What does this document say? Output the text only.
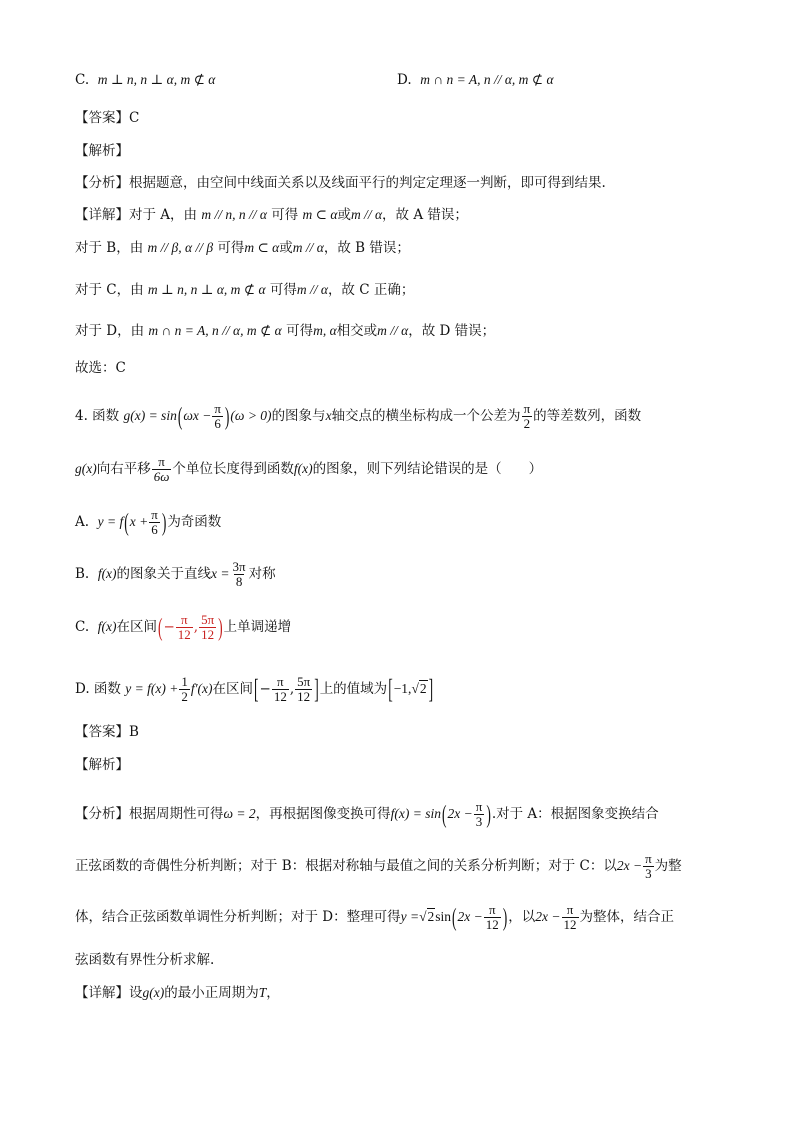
C. m ⊥ n, n ⊥ α, m ⊄ α	D. m ∩ n = A, n // α, m ⊄ α
【答案】C
【解析】
【分析】根据题意，由空间中线面关系以及线面平行的判定定理逐一判断，即可得到结果.
【详解】对于 A，由 m // n, n // α 可得 m ⊂ α或m // α，故 A 错误；
对于 B，由 m // β, α // β 可得m ⊂ α或m // α，故 B 错误；
对于 C，由 m ⊥ n, n ⊥ α, m ⊄ α 可得m // α，故 C 正确；
对于 D，由 m ∩ n = A, n // α, m ⊄ α 可得m, α相交或m // α，故 D 错误；
故选：C
4. 函数 $g(x) = \sin(\omega x - \frac{\pi}{6} )(\omega > 0)$的图象与x轴交点的横坐标构成一个公差为 $\frac{\pi}{2}$ 的等差数列，函数
g(x)向右平移 $\frac{\pi}{6\omega}$ 个单位长度得到函数f(x)的图象，则下列结论错误的是（　　）
A. $y = f(x + \frac{\pi}{6}$ )为奇函数
B. f(x)的图象关于直线$x = \frac{3\pi}{8}$ 对称
C. f(x)在区间(− $\frac{\pi}{12}$ , $\frac{5\pi}{12}$ )上单调递增
D. 函数 $y = f(x) + \frac{1}{2} f'(x)$在区间[− $\frac{\pi}{12}$ , $\frac{5\pi}{12}$ ]上的值域为[−1,√2 ]
【答案】B
【解析】
【分析】根据周期性可得ω = 2，再根据图像变换可得$f(x) = \sin(2x - \frac{\pi}{3}$ ).对于 A：根据图象变换结合
正弦函数的奇偶性分析判断；对于 B：根据对称轴与最值之间的关系分析判断；对于 C：以$2x - \frac{\pi}{3}$ 为整
体，结合正弦函数单调性分析判断；对于 D：整理可得$y =√2\sin(2x - \frac{\pi}{12}$ )，以$2x - \frac{\pi}{12}$ 为整体，结合正
弦函数有界性分析求解.
【详解】设g(x)的最小正周期为T，
